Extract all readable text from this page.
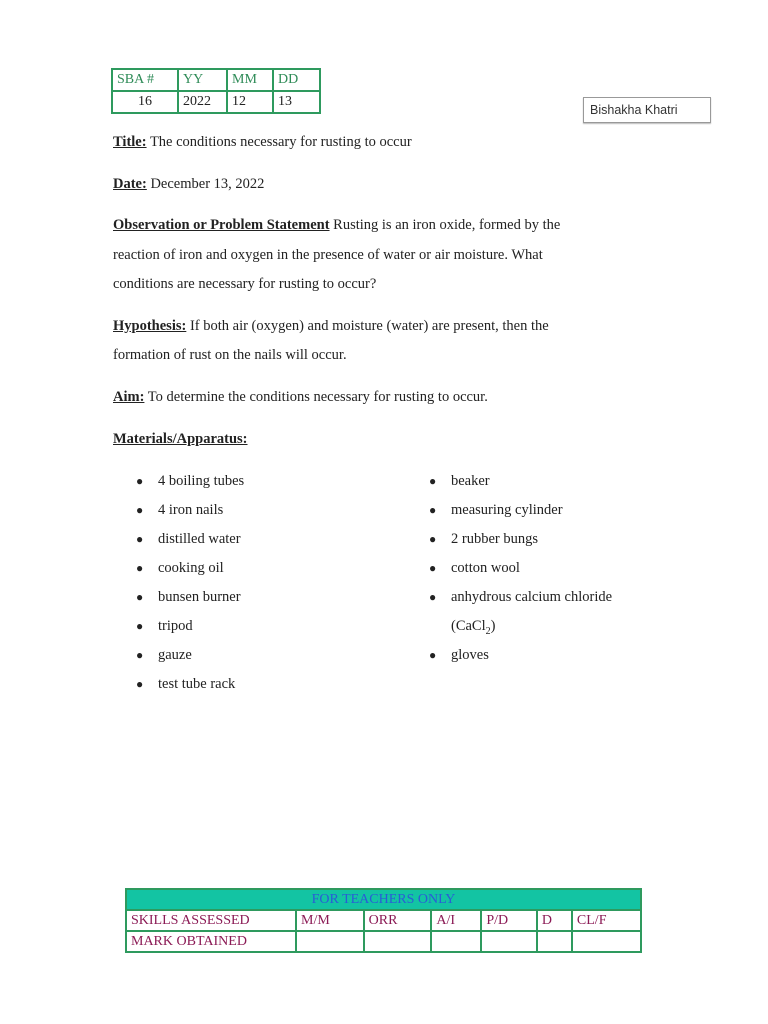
SBA #	YY	MM	DD
16	2022	12	13
Bishakha Khatri
Title: The conditions necessary for rusting to occur
Date: December 13, 2022
Observation or Problem Statement Rusting is an iron oxide, formed by the
reaction of iron and oxygen in the presence of water or air moisture. What
conditions are necessary for rusting to occur?
Hypothesis: If both air (oxygen) and moisture (water) are present, then the
formation of rust on the nails will occur.
Aim: To determine the conditions necessary for rusting to occur.
Materials/Apparatus:
● 4 boiling tubes
● 4 iron nails
● distilled water
● cooking oil
● bunsen burner
● tripod
● gauze
● test tube rack
● beaker
● measuring cylinder
● 2 rubber bungs
● cotton wool
● anhydrous calcium chloride
(CaCl$_2$)
● gloves
FOR TEACHERS ONLY						
SKILLS ASSESSED	M/M	ORR	A/I	P/D	D	CL/F
MARK OBTAINED						
